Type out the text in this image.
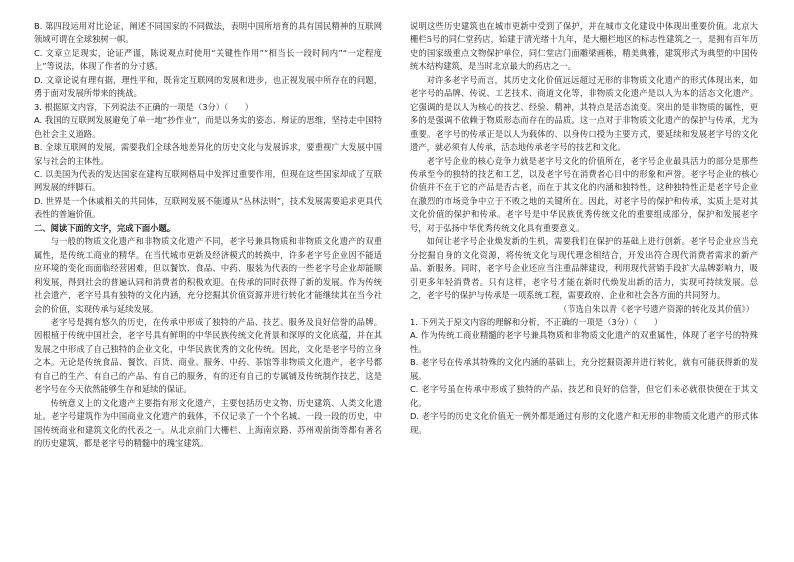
B. 第四段运用对比论证，阐述不同国家的不同做法，表明中国所培育的具有国民精神的互联网领域可谓在全球独树一帜。

C. 文章立足现实，论证严谨，陈说观点时使用“关键性作用”“相当长一段时间内”“一定程度上”等说法，体现了作者的分寸感。

D. 文章论说有理有据，理性平和，既肯定互联网的发展和进步，也正视发展中所存在的问题，勇于面对发展所带来的挑战。

3. 根据原文内容，下列说法不正确的一项是（3分）（　　）

A. 我国的互联网发展避免了单一地“抄作业”，而是以务实的姿态、辩证的思维，坚持走中国特色社会主义道路。

B. 全球互联网的发展，需要我们全球各地差异化的历史文化与发展诉求，要重视广大发展中国家与社会的主体性。

C. 以美国为代表的发达国家在建构互联网格局中发挥过重要作用，但现在这些国家却成了互联网发展的绊脚石。

D. 世界是一个休戚相关的共同体，互联网发展不能遵从“丛林法则”，技术发展需要追求更具代表性的普遍价值。

二、阅读下面的文字，完成下面小题。

与一般的物质文化遗产和非物质文化遗产不同，老字号兼具物质和非物质文化遗产的双重属性，是传统工商业的精华。在当代城市更新及经济模式的转换中，许多老字号企业因不能适应环境的变化而面临经营困难，但以餐饮、食品、中药、服装为代表的一些老字号企业却能顺利发展，得到社会的普遍认同和消费者的积极欢迎。在传承的同时获得了新的发展。作为传统社会遗产，老字号具有独特的文化内涵，充分挖掘其价值资源并进行转化才能继续其在当今社会的价值，实现传承与延续发展。

老字号是拥有悠久的历史，在传承中形成了独特的产品、技艺、服务及良好信誉的品牌。因根植于传统中国社会，老字号具有鲜明的中华民族传统文化背景和深厚的文化底蕴，并在其发展之中形成了自己独特的企业文化，中华民族优秀的文化传统。因此，文化是老字号的立身之本。无论是传统食品、餐饮、百货、商业、服务、中药、茶馆等非物质文化遗产，老字号都有自己的生产、有自己的产品、有自己的服务，有的还有自己的专属铺及传统制作技艺，这是老字号在今天依然能够生存和延续的保证。

传统意义上的文化遗产主要指有形文化遗产，主要包括历史文物、历史建筑、人类文化遗址。老字号建筑作为中国商业文化遗产的载体，不仅记录了一个个名城、一段一段的历史，中国传统商业和建筑文化的代表之一。从北京前门大栅栏、上海南京路、苏州观前街等都有著名的历史建筑，都是老字号的精髓中的瑰宝建筑。

说明这些历史建筑也在城市更新中受到了保护，并在城市文化建设中体现出重要价值。北京大栅栏5号的同仁堂药店，始建于清光绪十九年，是大栅栏地区的标志性建筑之一，是拥有百年历史的国家级重点文物保护单位，同仁堂店门面雕梁画栋，精美典雅，建筑形式为典型的中国传统木结构建筑，是当时北京最大的药店之一。

对许多老字号而言，其历史文化价值远远超过无形的非物质文化遗产的形式体现出来，如老字号的品牌、传说、工艺技术、商道文化等，非物质文化遗产是以人为本的活态文化遗产。它强调的是以人为核心的技艺、经验、精神，其特点是活态流变。突出的是非物质的属性，更多的是强调不依赖于物质形态而存在的品质。这一点对于非物质文化遗产的保护与传承，尤为重要。老字号的传承正是以人为载体的、以身传口授为主要方式，要延续和发展老字号的文化遗产，就必须有人传承，活态地传承老字号的技艺和文化。

老字号企业的核心竞争力就是老字号文化的价值所在，老字号企业最具活力的部分是那些传承至今的独特的技艺和工艺，以及老字号在消费者心目中的形象和声誉。老字号企业的核心价值并不在于它的产品是否古老，而在于其文化的内涵和独特性，这种独特性正是老字号企业在激烈的市场竞争中立于不败之地的关键所在。因此，对老字号的保护和传承，实质上是对其文化价值的保护和传承。老字号是中华民族优秀传统文化的重要组成部分，保护和发展老字号，对于弘扬中华优秀传统文化具有重要意义。

如何让老字号企业焕发新的生机，需要我们在保护的基础上进行创新。老字号企业应当充分挖掘自身的文化资源，将传统文化与现代理念相结合，开发出符合现代消费者需求的新产品、新服务。同时，老字号企业还应当注重品牌建设，利用现代营销手段扩大品牌影响力，吸引更多年轻消费者。只有这样，老字号才能在新时代焕发出新的活力，实现可持续发展。总之，老字号的保护与传承是一项系统工程，需要政府、企业和社会各方面的共同努力。

（节选自朱以青《老字号遗产资源的转化及其价值》）

1. 下列关于原文内容的理解和分析，不正确的一项是（3分）（　　）

A. 作为传统工商业精髓的老字号兼具物质和非物质文化遗产的双重属性，体现了老字号的特殊性。

B. 老字号在传承其特殊的文化内涵的基础上，充分挖掘资源并进行转化，就有可能获得新的发展。

C. 老字号虽在传承中形成了独特的产品、技艺和良好的信誉，但它们未必就很快便在于其文化。

D. 老字号的历史文化价值无一例外都是通过有形的文化遗产和无形的非物质文化遗产的形式体现。
